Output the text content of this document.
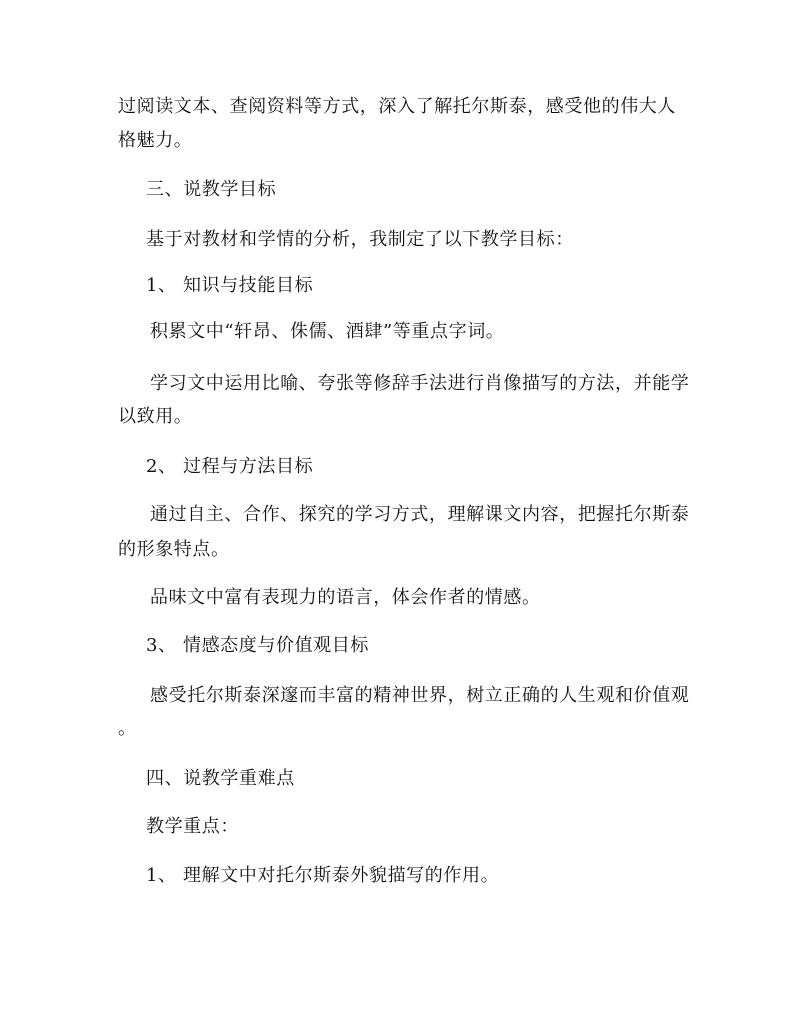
过阅读文本、查阅资料等方式，深入了解托尔斯泰，感受他的伟大人
格魅力。
三、说教学目标
基于对教材和学情的分析，我制定了以下教学目标：
1、 知识与技能目标
积累文中“轩昂、侏儒、酒肆”等重点字词。
学习文中运用比喻、夸张等修辞手法进行肖像描写的方法，并能学
以致用。
2、 过程与方法目标
通过自主、合作、探究的学习方式，理解课文内容，把握托尔斯泰
的形象特点。
品味文中富有表现力的语言，体会作者的情感。
3、 情感态度与价值观目标
感受托尔斯泰深邃而丰富的精神世界，树立正确的人生观和价值观
。
四、说教学重难点
教学重点：
1、 理解文中对托尔斯泰外貌描写的作用。
